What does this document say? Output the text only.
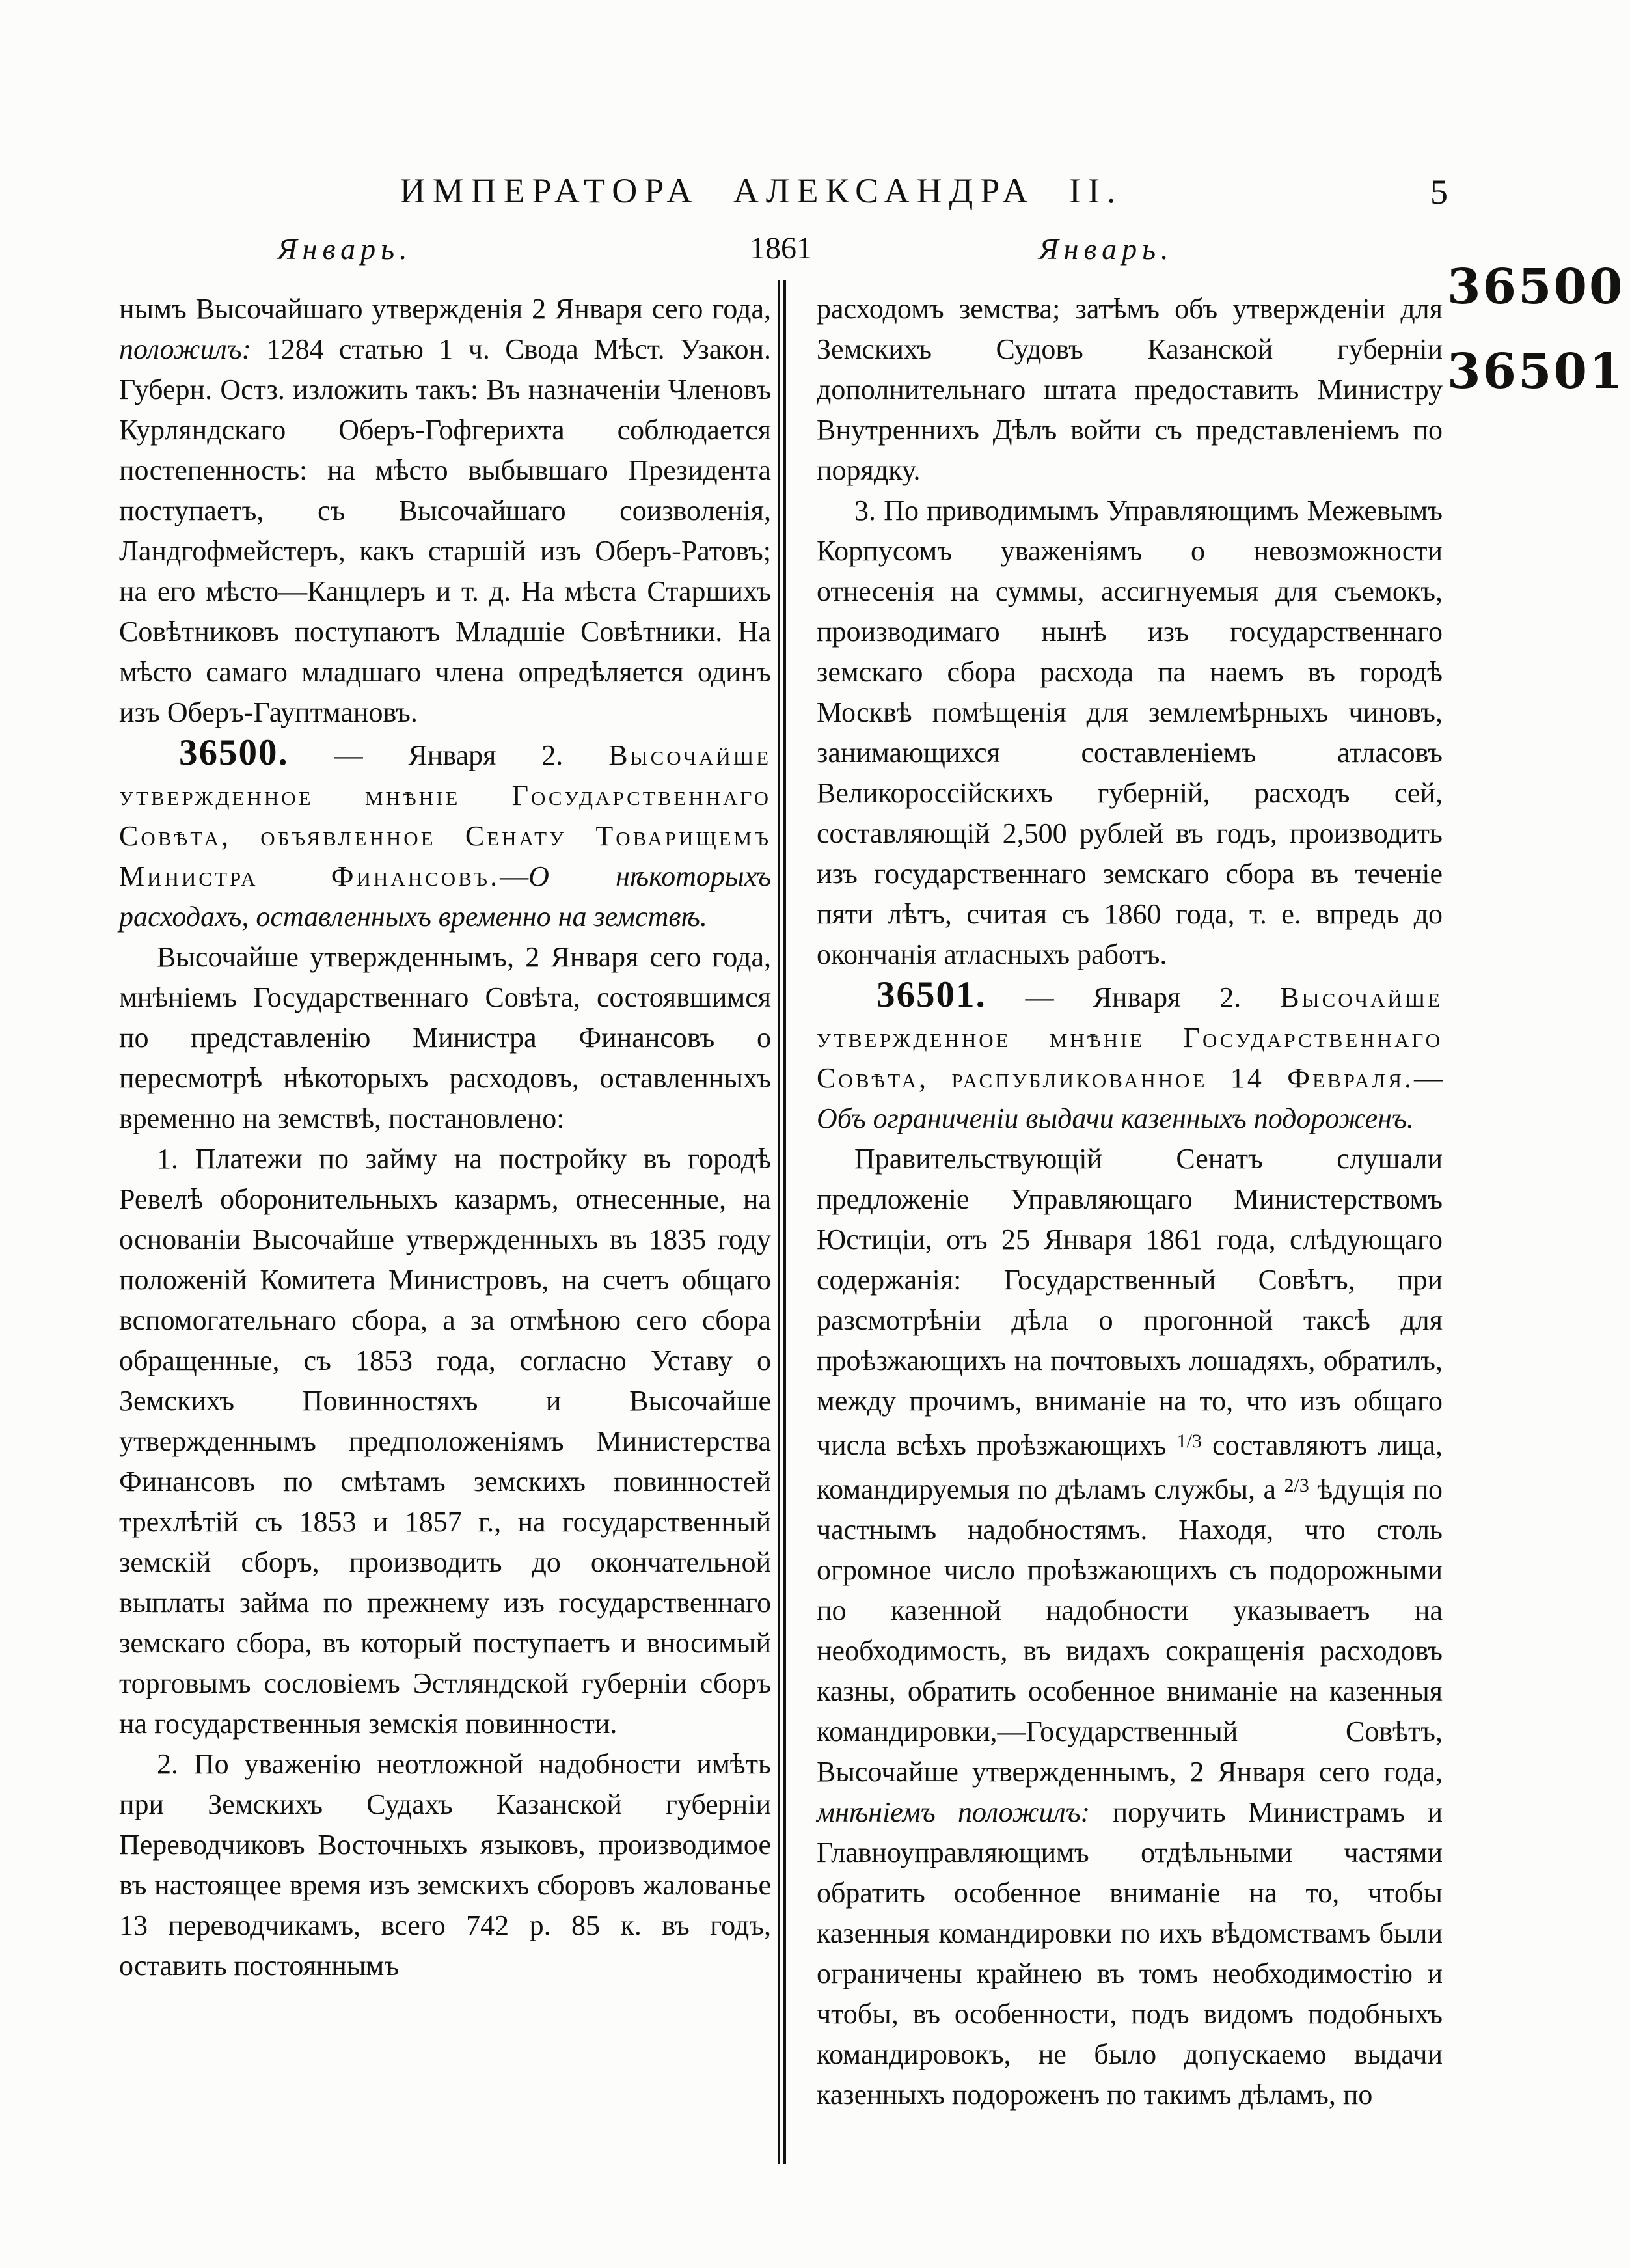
ИМПЕРАТОРА АЛЕКСАНДРА II.	5
Январь.	1861	Январь.

нымъ Высочайшаго утвержденія 2 Января сего года, положилъ: 1284 статью 1 ч. Свода Мѣст. Узакон. Губерн. Остз. изложить такъ: Въ назначеніи Членовъ Курляндскаго Оберъ-Гофгерихта соблюдается постепенность: на мѣсто выбывшаго Президента поступаетъ, съ Высочайшаго соизволенія, Ландгофмейстеръ, какъ старшій изъ Оберъ-Ратовъ; на его мѣсто—Канцлеръ и т. д. На мѣста Старшихъ Совѣтниковъ поступаютъ Младшіе Совѣтники. На мѣсто самаго младшаго члена опредѣляется одинъ изъ Оберъ-Гауптмановъ.

36500. — Января 2. Высочайше утвержденное мнѣніе Государственнаго Совѣта, объявленное Сенату Товарищемъ Министра Финансовъ.—О нѣкоторыхъ расходахъ, оставленныхъ временно на земствѣ.

Высочайше утвержденнымъ, 2 Января сего года, мнѣніемъ Государственнаго Совѣта, состоявшимся по представленію Министра Финансовъ о пересмотрѣ нѣкоторыхъ расходовъ, оставленныхъ временно на земствѣ, постановлено:

1. Платежи по займу на постройку въ городѣ Ревелѣ оборонительныхъ казармъ, отнесенные, на основаніи Высочайше утвержденныхъ въ 1835 году положеній Комитета Министровъ, на счетъ общаго вспомогательнаго сбора, а за отмѣною сего сбора обращенные, съ 1853 года, согласно Уставу о Земскихъ Повинностяхъ и Высочайше утвержденнымъ предположеніямъ Министерства Финансовъ по смѣтамъ земскихъ повинностей трехлѣтій съ 1853 и 1857 г., на государственный земскій сборъ, производить до окончательной выплаты займа по прежнему изъ государственнаго земскаго сбора, въ который поступаетъ и вносимый торговымъ сословіемъ Эстляндской губерніи сборъ на государственныя земскія повинности.

2. По уваженію неотложной надобности имѣть при Земскихъ Судахъ Казанской губерніи Переводчиковъ Восточныхъ языковъ, производимое въ настоящее время изъ земскихъ сборовъ жалованье 13 переводчикамъ, всего 742 р. 85 к. въ годъ, оставить постояннымъ

расходомъ земства; затѣмъ объ утвержденіи для Земскихъ Судовъ Казанской губерніи дополнительнаго штата предоставить Министру Внутреннихъ Дѣлъ войти съ представленіемъ по порядку.

3. По приводимымъ Управляющимъ Межевымъ Корпусомъ уваженіямъ о невозможности отнесенія на суммы, ассигнуемыя для съемокъ, производимаго нынѣ изъ государственнаго земскаго сбора расхода па наемъ въ городѣ Москвѣ помѣщенія для землемѣрныхъ чиновъ, занимающихся составленіемъ атласовъ Великороссійскихъ губерній, расходъ сей, составляющій 2,500 рублей въ годъ, производить изъ государственнаго земскаго сбора въ теченіе пяти лѣтъ, считая съ 1860 года, т. е. впредь до окончанія атласныхъ работъ.

36501. — Января 2. Высочайше утвержденное мнѣніе Государственнаго Совѣта, распубликованное 14 Февраля.—Объ ограниченіи выдачи казенныхъ подороженъ.

Правительствующій Сенатъ слушали предложеніе Управляющаго Министерствомъ Юстиціи, отъ 25 Января 1861 года, слѣдующаго содержанія: Государственный Совѣтъ, при разсмотрѣніи дѣла о прогонной таксѣ для проѣзжающихъ на почтовыхъ лошадяхъ, обратилъ, между прочимъ, вниманіе на то, что изъ общаго числа всѣхъ проѣзжающихъ $^{1/3}$ составляютъ лица, командируемыя по дѣламъ службы, а $^{2/3}$ ѣдущія по частнымъ надобностямъ. Находя, что столь огромное число проѣзжающихъ съ подорожными по казенной надобности указываетъ на необходимость, въ видахъ сокращенія расходовъ казны, обратить особенное вниманіе на казенныя командировки,—Государственный Совѣтъ, Высочайше утвержденнымъ, 2 Января сего года, мнѣніемъ положилъ: поручить Министрамъ и Главноуправляющимъ отдѣльными частями обратить особенное вниманіе на то, чтобы казенныя командировки по ихъ вѣдомствамъ были ограничены крайнею въ томъ необходимостію и чтобы, въ особенности, подъ видомъ подобныхъ командировокъ, не было допускаемо выдачи казенныхъ подороженъ по такимъ дѣламъ, по

36500
36501
